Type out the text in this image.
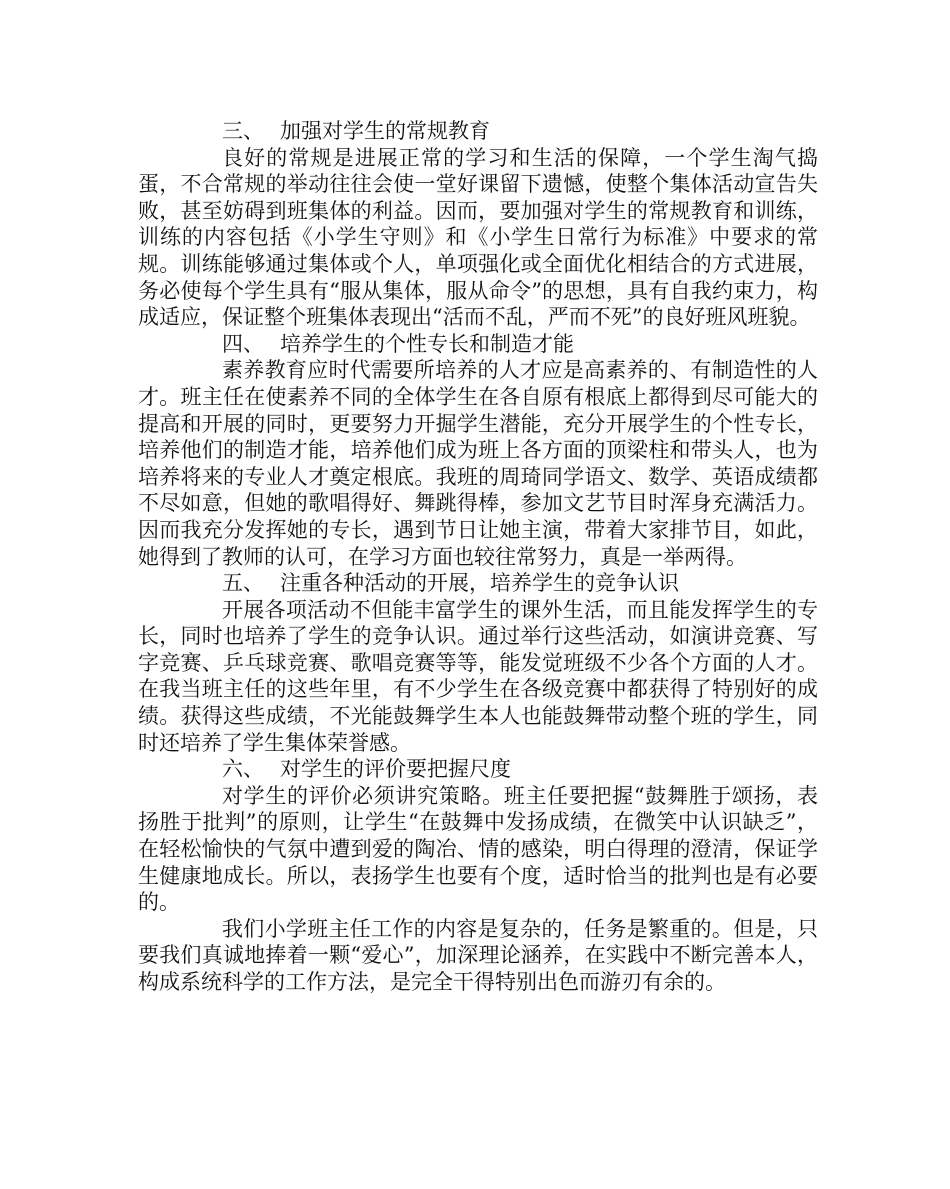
三、 加强对学生的常规教育

良好的常规是进展正常的学习和生活的保障，一个学生淘气捣蛋，不合常规的举动往往会使一堂好课留下遗憾，使整个集体活动宣告失败，甚至妨碍到班集体的利益。因而，要加强对学生的常规教育和训练，训练的内容包括《小学生守则》和《小学生日常行为标准》中要求的常规。训练能够通过集体或个人，单项强化或全面优化相结合的方式进展，务必使每个学生具有“服从集体，服从命令”的思想，具有自我约束力，构成适应，保证整个班集体表现出“活而不乱，严而不死”的良好班风班貌。

四、 培养学生的个性专长和制造才能

素养教育应时代需要所培养的人才应是高素养的、有制造性的人才。班主任在使素养不同的全体学生在各自原有根底上都得到尽可能大的提高和开展的同时，更要努力开掘学生潜能，充分开展学生的个性专长，培养他们的制造才能，培养他们成为班上各方面的顶梁柱和带头人，也为培养将来的专业人才奠定根底。我班的周琦同学语文、数学、英语成绩都不尽如意，但她的歌唱得好、舞跳得棒，参加文艺节目时浑身充满活力。因而我充分发挥她的专长，遇到节日让她主演，带着大家排节目，如此，她得到了教师的认可，在学习方面也较往常努力，真是一举两得。

五、 注重各种活动的开展，培养学生的竞争认识

开展各项活动不但能丰富学生的课外生活，而且能发挥学生的专长，同时也培养了学生的竞争认识。通过举行这些活动，如演讲竞赛、写字竞赛、乒乓球竞赛、歌唱竞赛等等，能发觉班级不少各个方面的人才。在我当班主任的这些年里，有不少学生在各级竞赛中都获得了特别好的成绩。获得这些成绩，不光能鼓舞学生本人也能鼓舞带动整个班的学生，同时还培养了学生集体荣誉感。

六、 对学生的评价要把握尺度

对学生的评价必须讲究策略。班主任要把握“鼓舞胜于颂扬，表扬胜于批判”的原则，让学生“在鼓舞中发扬成绩，在微笑中认识缺乏”，在轻松愉快的气氛中遭到爱的陶冶、情的感染，明白得理的澄清，保证学生健康地成长。所以，表扬学生也要有个度，适时恰当的批判也是有必要的。

我们小学班主任工作的内容是复杂的，任务是繁重的。但是，只要我们真诚地捧着一颗“爱心”，加深理论涵养，在实践中不断完善本人，构成系统科学的工作方法，是完全干得特别出色而游刃有余的。
